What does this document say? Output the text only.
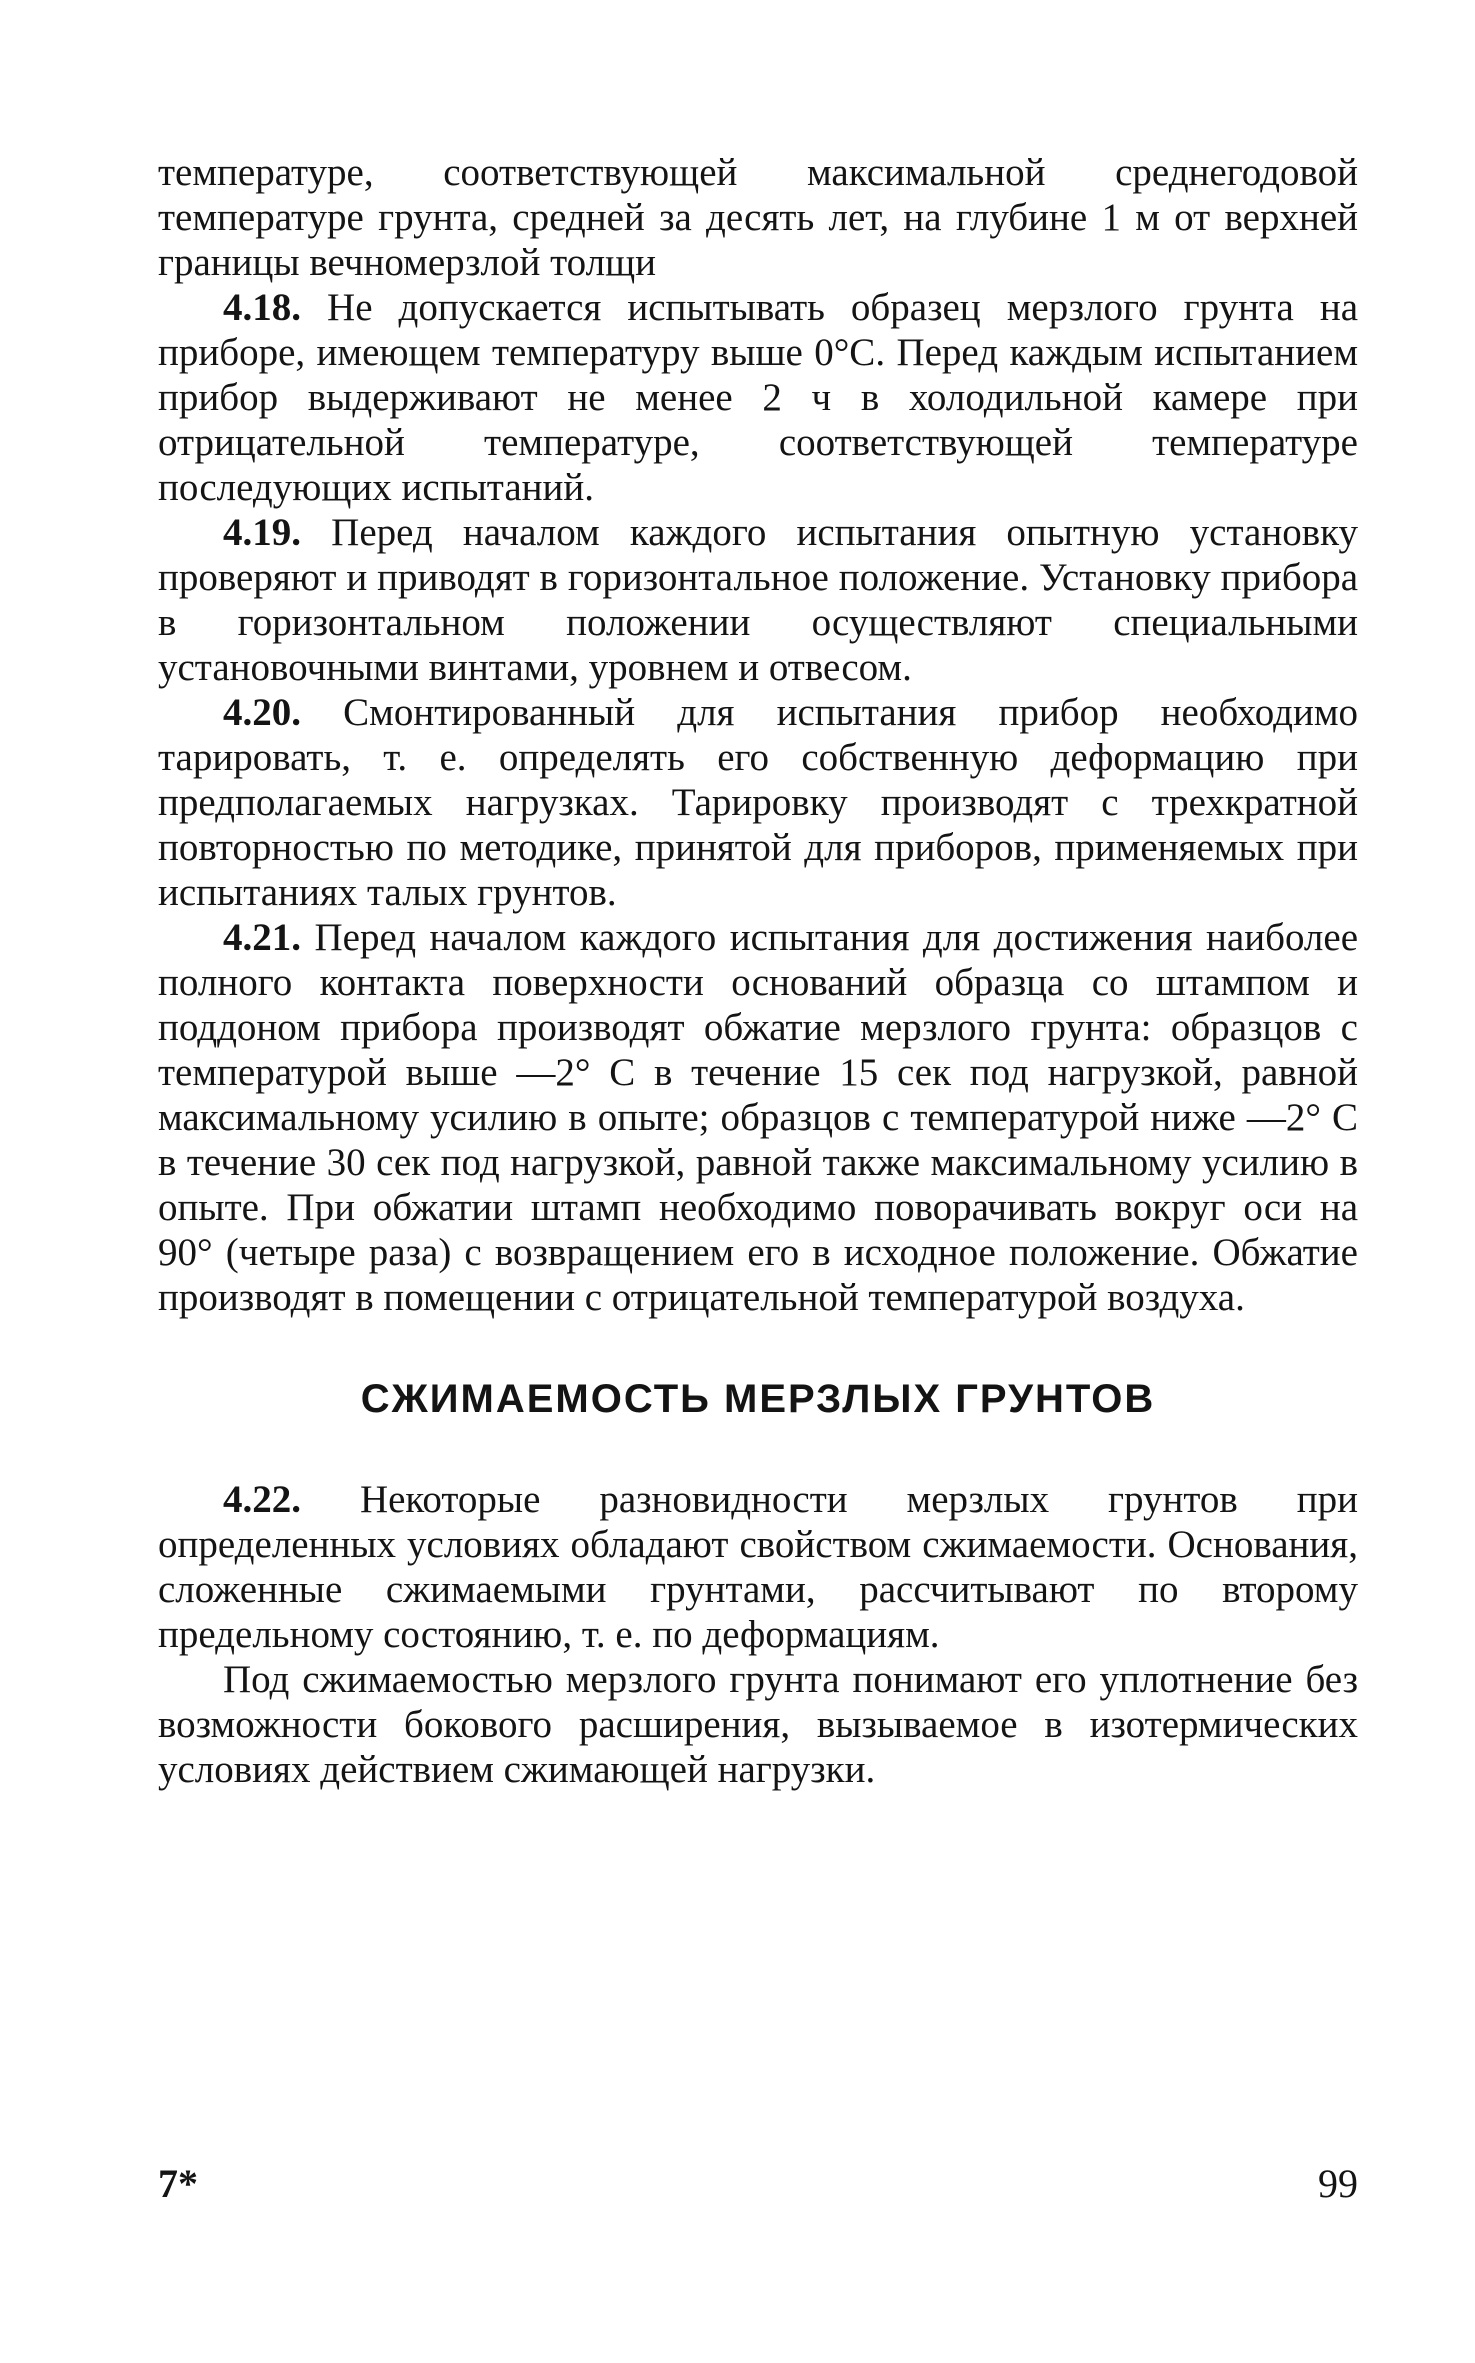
температуре, соответствующей максимальной среднегодовой температуре грунта, средней за десять лет, на глубине 1 м от верхней границы вечномерзлой толщи

4.18. Не допускается испытывать образец мерзлого грунта на приборе, имеющем температуру выше 0°С. Перед каждым испытанием прибор выдерживают не менее 2 ч в холодильной камере при отрицательной температуре, соответствующей температуре последующих испытаний.

4.19. Перед началом каждого испытания опытную установку проверяют и приводят в горизонтальное положение. Установку прибора в горизонтальном положении осуществляют специальными установочными винтами, уровнем и отвесом.

4.20. Смонтированный для испытания прибор необходимо тарировать, т. е. определять его собственную деформацию при предполагаемых нагрузках. Тарировку производят с трехкратной повторностью по методике, принятой для приборов, применяемых при испытаниях талых грунтов.

4.21. Перед началом каждого испытания для достижения наиболее полного контакта поверхности оснований образца со штампом и поддоном прибора производят обжатие мерзлого грунта: образцов с температурой выше —2° С в течение 15 сек под нагрузкой, равной максимальному усилию в опыте; образцов с температурой ниже —2° С в течение 30 сек под нагрузкой, равной также максимальному усилию в опыте. При обжатии штамп необходимо поворачивать вокруг оси на 90° (четыре раза) с возвращением его в исходное положение. Обжатие производят в помещении с отрицательной температурой воздуха.

СЖИМАЕМОСТЬ МЕРЗЛЫХ ГРУНТОВ

4.22. Некоторые разновидности мерзлых грунтов при определенных условиях обладают свойством сжимаемости. Основания, сложенные сжимаемыми грунтами, рассчитывают по второму предельному состоянию, т. е. по деформациям.

Под сжимаемостью мерзлого грунта понимают его уплотнение без возможности бокового расширения, вызываемое в изотермических условиях действием сжимающей нагрузки.

7*	99
